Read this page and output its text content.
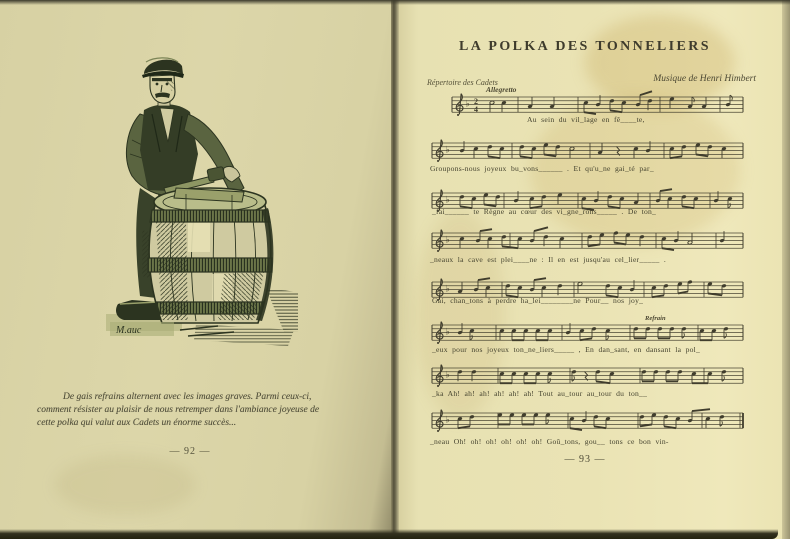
M.auc

De gais refrains alternent avec les images graves. Parmi ceux-ci,
comment résister au plaisir de nous retremper dans l'ambiance joyeuse de
cette polka qui valut aux Cadets un énorme succès...

— 92 —
LA POLKA DES TONNELIERS
Répertoire des Cadets	Musique de Henri Himbert
Allegretto
Refrain
♭ 2
4
♭
♭
♭
♭
♭
♭
♭
Au sein du vil_lage en fê____te,
Groupons-nous joyeux bu_vons______ . Et qu'u_ne gai_té par_
_fai______ te Règne au cœur des vi_gne_rons_____ . De ton_
_neaux la cave est plei____ne : Il en est jusqu'au cel_lier_____ .
Gai, chan_tons à perdre ha_lei________ne Pour__ nos joy_
_eux pour nos joyeux ton_ne_liers_____ , En dan_sant, en dansant la pol_
_ka Ah! ah! ah! ah! ah! ah! Tout au_tour au_tour du ton__
_neau Oh! oh! oh! oh! oh! oh! Goû_tons, gou__ tons ce bon vin-
— 93 —
